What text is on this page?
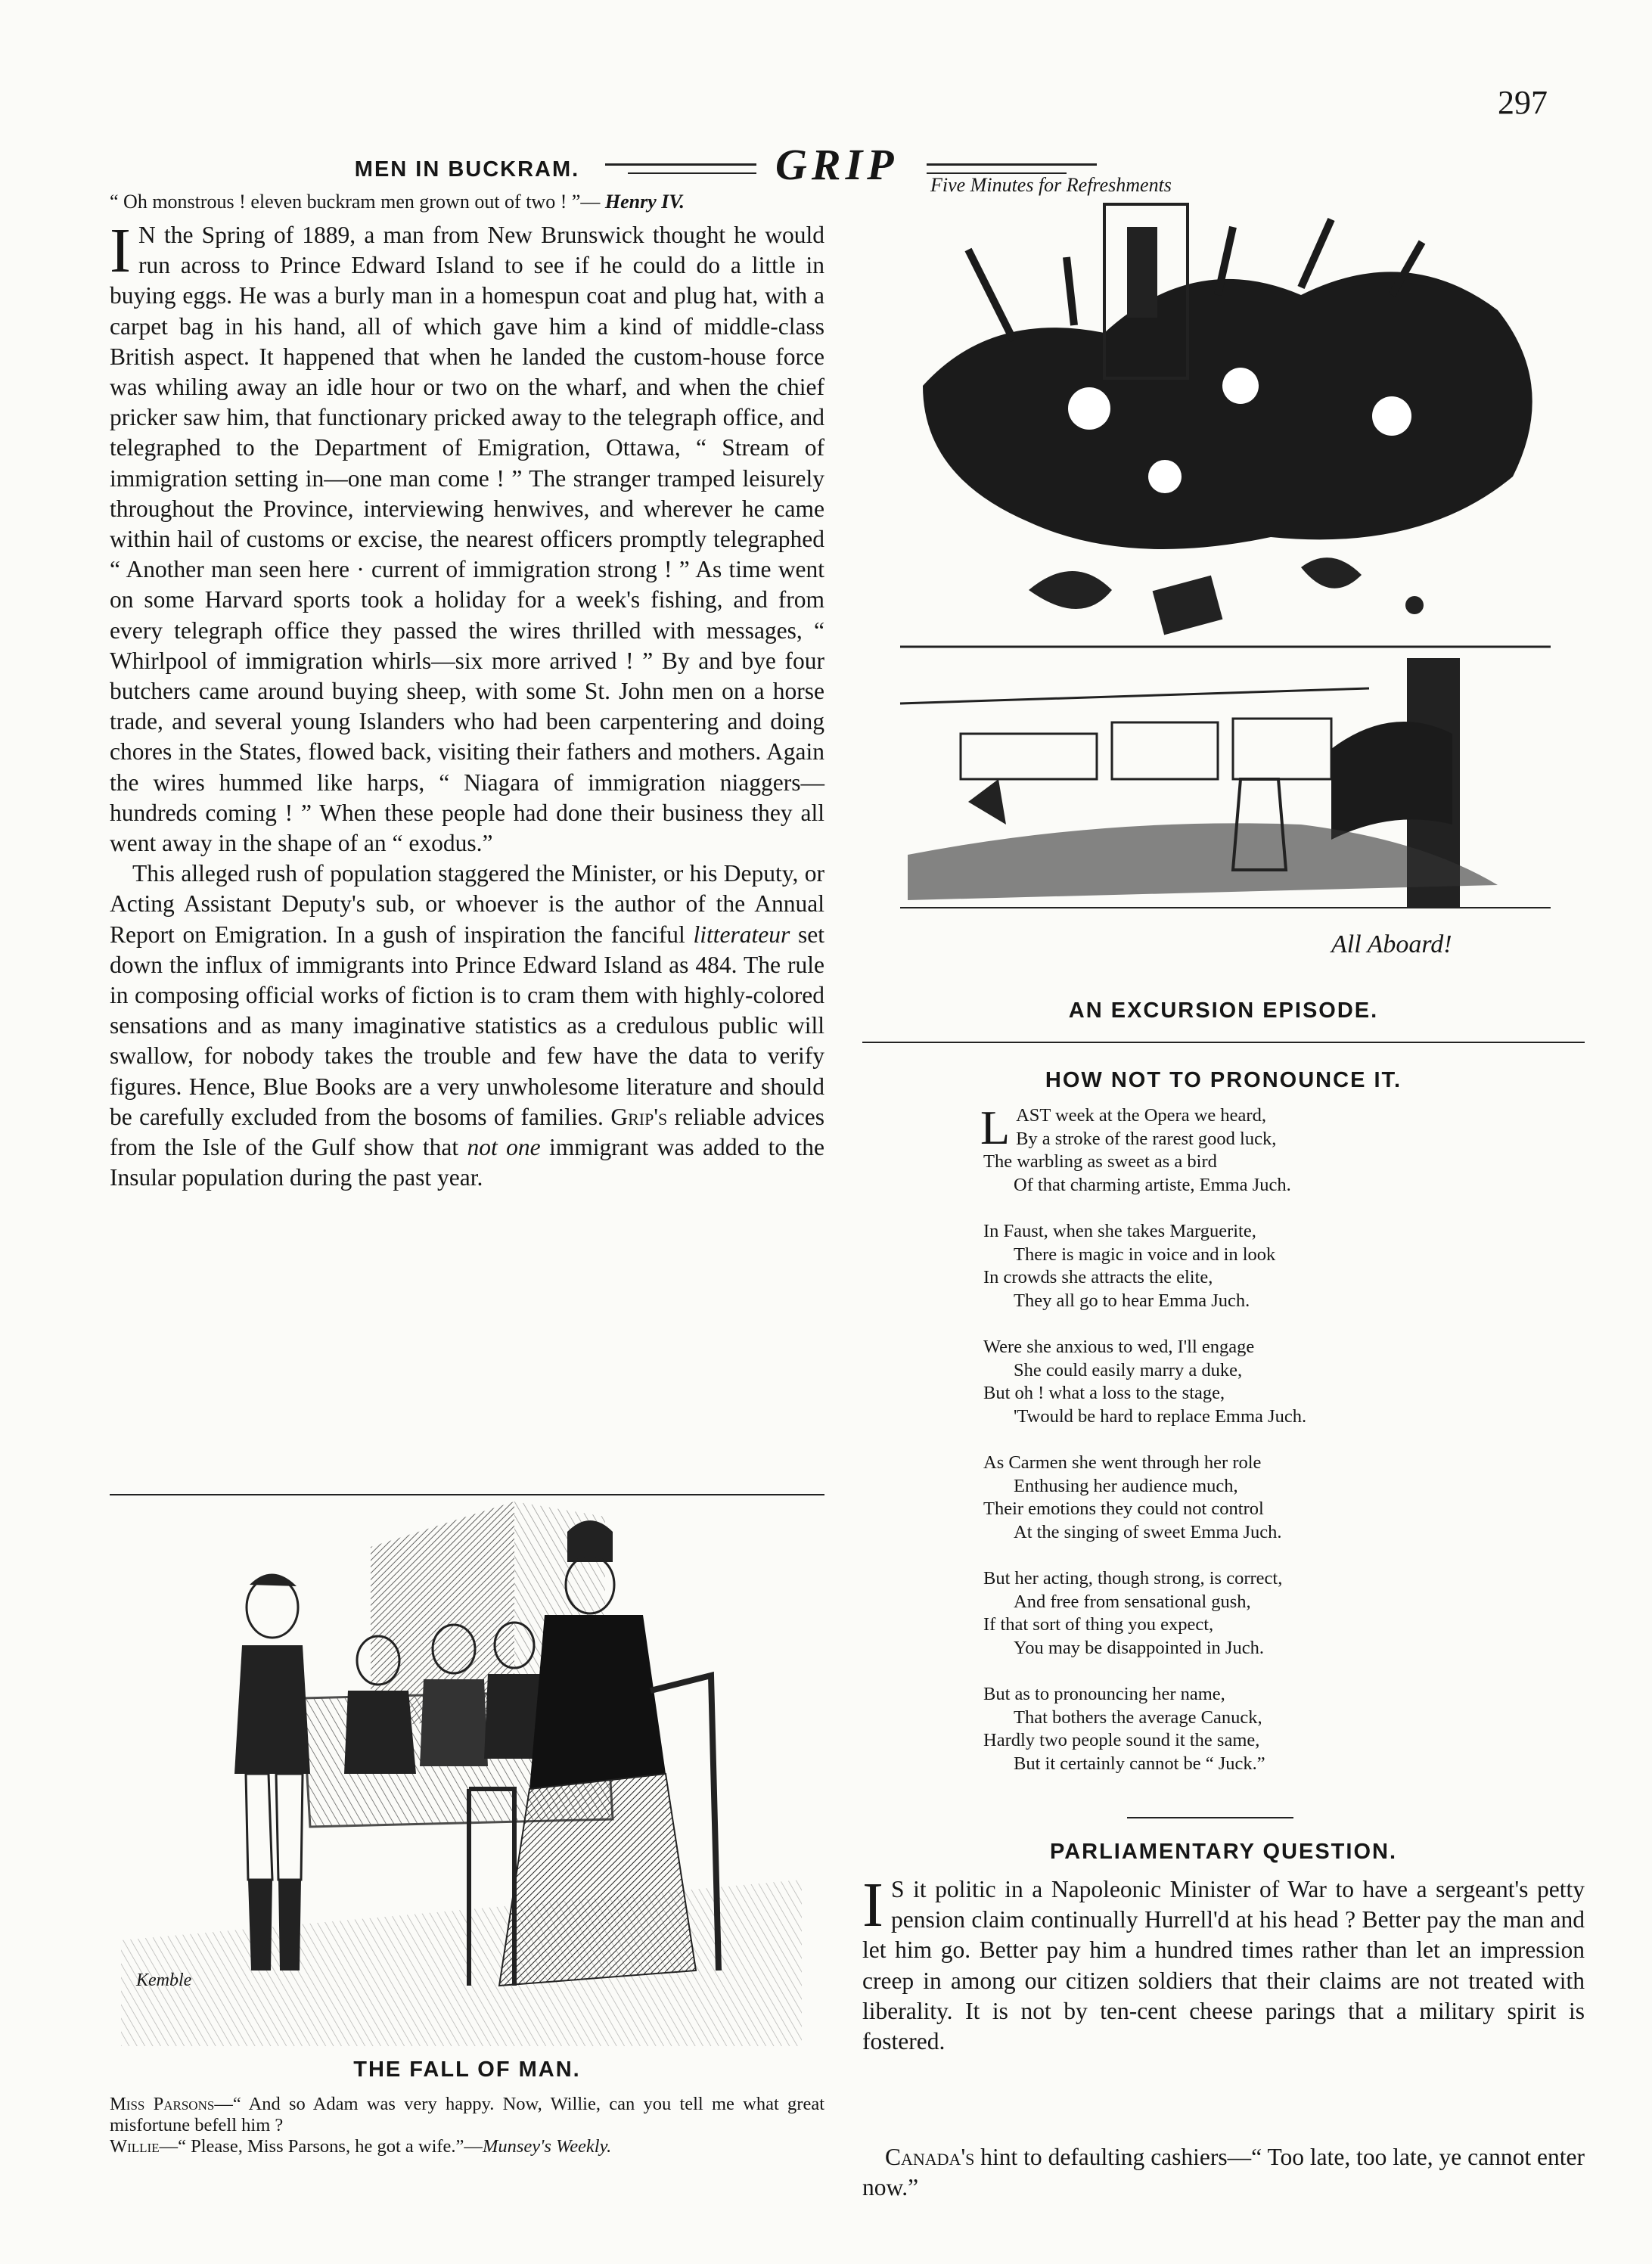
GRIP
297
MEN IN BUCKRAM.
“ Oh monstrous ! eleven buckram men grown out of two ! ”— Henry IV.

I N the Spring of 1889, a man from New Brunswick thought he would run across to Prince Edward Island to see if he could do a little in buying eggs. He was a burly man in a homespun coat and plug hat, with a carpet bag in his hand, all of which gave him a kind of middle-class British aspect. It happened that when he landed the custom-house force was whiling away an idle hour or two on the wharf, and when the chief pricker saw him, that functionary pricked away to the telegraph office, and telegraphed to the Department of Emigration, Ottawa, “ Stream of immigration setting in—one man come ! ” The stranger tramped leisurely throughout the Province, interviewing henwives, and wherever he came within hail of customs or excise, the nearest officers promptly telegraphed “ Another man seen here · current of immigration strong ! ” As time went on some Harvard sports took a holiday for a week's fishing, and from every telegraph office they passed the wires thrilled with messages, “ Whirlpool of immigration whirls—six more arrived ! ” By and bye four butchers came around buying sheep, with some St. John men on a horse trade, and several young Islanders who had been carpentering and doing chores in the States, flowed back, visiting their fathers and mothers. Again the wires hummed like harps, “ Niagara of immigration niaggers—hundreds coming ! ” When these people had done their business they all went away in the shape of an “ exodus.”

This alleged rush of population staggered the Minister, or his Deputy, or Acting Assistant Deputy's sub, or whoever is the author of the Annual Report on Emigration. In a gush of inspiration the fanciful litterateur set down the influx of immigrants into Prince Edward Island as 484. The rule in composing official works of fiction is to cram them with highly-colored sensations and as many imaginative statistics as a credulous public will swallow, for nobody takes the trouble and few have the data to verify figures. Hence, Blue Books are a very unwholesome literature and should be carefully excluded from the bosoms of families. Grip's reliable advices from the Isle of the Gulf show that not one immigrant was added to the Insular population during the past year.

Kemble
THE FALL OF MAN.
Miss Parsons—“ And so Adam was very happy. Now, Willie, can you tell me what great misfortune befell him ?
Willie—“ Please, Miss Parsons, he got a wife.”—Munsey's Weekly.
Five Minutes for Refreshments
All Aboard!
AN EXCURSION EPISODE.
HOW NOT TO PRONOUNCE IT.
L AST week at the Opera we heard,
By a stroke of the rarest good luck,
The warbling as sweet as a bird
Of that charming artiste, Emma Juch.
In Faust, when she takes Marguerite,
There is magic in voice and in look
In crowds she attracts the elite,
They all go to hear Emma Juch.
Were she anxious to wed, I'll engage
She could easily marry a duke,
But oh ! what a loss to the stage,
'Twould be hard to replace Emma Juch.
As Carmen she went through her role
Enthusing her audience much,
Their emotions they could not control
At the singing of sweet Emma Juch.
But her acting, though strong, is correct,
And free from sensational gush,
If that sort of thing you expect,
You may be disappointed in Juch.
But as to pronouncing her name,
That bothers the average Canuck,
Hardly two people sound it the same,
But it certainly cannot be “ Juck.”
PARLIAMENTARY QUESTION.

I S it politic in a Napoleonic Minister of War to have a sergeant's petty pension claim continually Hurrell'd at his head ? Better pay the man and let him go. Better pay him a hundred times rather than let an impression creep in among our citizen soldiers that their claims are not treated with liberality. It is not by ten-cent cheese parings that a military spirit is fostered.

Canada's hint to defaulting cashiers—“ Too late, too late, ye cannot enter now.”
